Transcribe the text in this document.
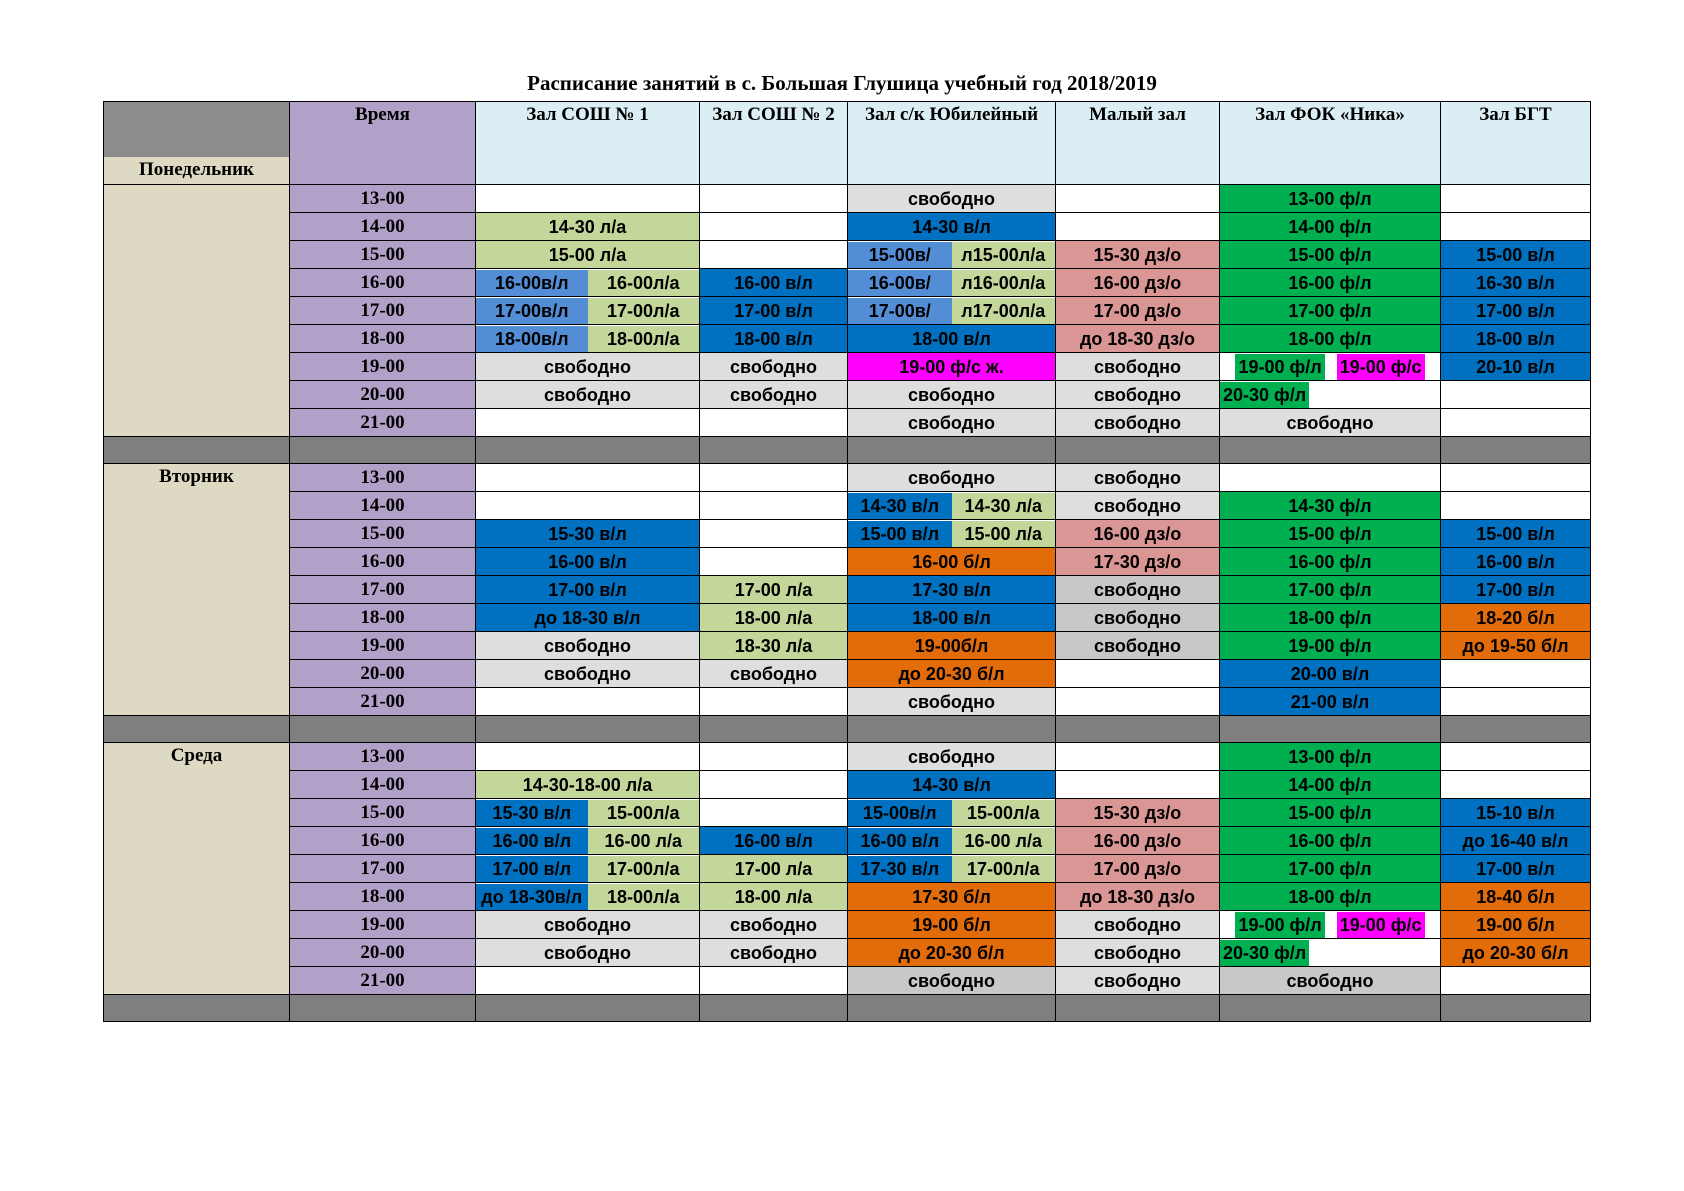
Расписание занятий в с. Большая Глушица учебный год 2018/2019
	Время	Зал СОШ № 1	Зал СОШ № 2	Зал с/к Юбилейный	Малый зал	Зал ФОК «Ника»	Зал БГТ
Понедельник							
	13-00			свободно		13-00 ф/л	

	14-00	14-30 л/а		14-30 в/л		14-00 ф/л	

	15-00	15-00 л/а		15-00в/ л15-00л/а	15-30 дз/о	15-00 ф/л	15-00 в/л

	16-00	16-00в/л 16-00л/а	16-00 в/л	16-00в/ л16-00л/а	16-00 дз/о	16-00 ф/л	16-30 в/л

	17-00	17-00в/л 17-00л/а	17-00 в/л	17-00в/ л17-00л/а	17-00 дз/о	17-00 ф/л	17-00 в/л

	18-00	18-00в/л 18-00л/а	18-00 в/л	18-00 в/л	до 18-30 дз/о	18-00 ф/л	18-00 в/л

	19-00	свободно	свободно	19-00 ф/с ж.	свободно	19-00 ф/л 19-00 ф/с	20-10 в/л

	20-00	свободно	свободно	свободно	свободно	20-30 ф/л	

	21-00			свободно	свободно	свободно	

Вторник	13-00			свободно	свободно		

	14-00			14-30 в/л 14-30 л/а	свободно	14-30 ф/л	

	15-00	15-30 в/л		15-00 в/л 15-00 л/а	16-00 дз/о	15-00 ф/л	15-00 в/л

	16-00	16-00 в/л		16-00 б/л	17-30 дз/о	16-00 ф/л	16-00 в/л

	17-00	17-00 в/л	17-00 л/а	17-30 в/л	свободно	17-00 ф/л	17-00 в/л

	18-00	до 18-30 в/л	18-00 л/а	18-00 в/л	свободно	18-00 ф/л	18-20 б/л

	19-00	свободно	18-30 л/а	19-00б/л	свободно	19-00 ф/л	до 19-50 б/л

	20-00	свободно	свободно	до 20-30 б/л		20-00 в/л	

	21-00			свободно		21-00 в/л	

Среда	13-00			свободно		13-00 ф/л	

	14-00	14-30-18-00 л/а		14-30 в/л		14-00 ф/л	

	15-00	15-30 в/л 15-00л/а		15-00в/л 15-00л/а	15-30 дз/о	15-00 ф/л	15-10 в/л

	16-00	16-00 в/л 16-00 л/а	16-00 в/л	16-00 в/л 16-00 л/а	16-00 дз/о	16-00 ф/л	до 16-40 в/л

	17-00	17-00 в/л 17-00л/а	17-00 л/а	17-30 в/л 17-00л/а	17-00 дз/о	17-00 ф/л	17-00 в/л

	18-00	до 18-30в/л 18-00л/а	18-00 л/а	17-30 б/л	до 18-30 дз/о	18-00 ф/л	18-40 б/л

	19-00	свободно	свободно	19-00 б/л	свободно	19-00 ф/л 19-00 ф/с	19-00 б/л

	20-00	свободно	свободно	до 20-30 б/л	свободно	20-30 ф/л	до 20-30 б/л

	21-00			свободно	свободно	свободно	
